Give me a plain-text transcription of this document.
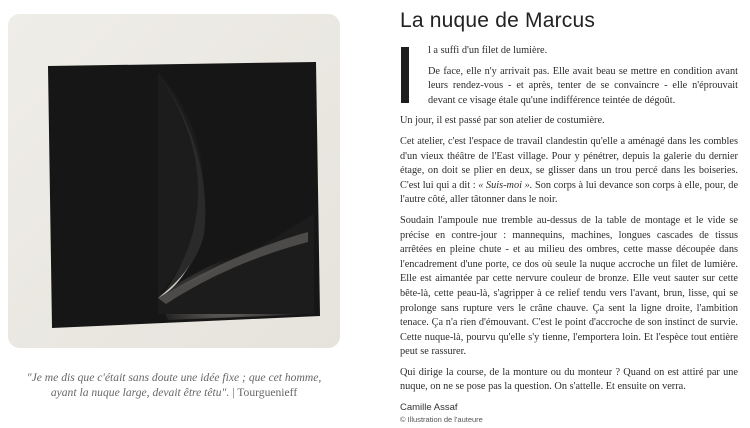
"Je me dis que c'était sans doute une idée fixe ; que cet homme,
ayant la nuque large, devait être têtu". | Tourguenieff
La nuque de Marcus

l a suffi d'un filet de lumière.

De face, elle n'y arrivait pas. Elle avait beau se mettre en condition avant leurs rendez-vous - et après, tenter de se convaincre - elle n'éprouvait devant ce visage étale qu'une indifférence teintée de dégoût.

Un jour, il est passé par son atelier de costumière.

Cet atelier, c'est l'espace de travail clandestin qu'elle a aménagé dans les combles d'un vieux théâtre de l'East village. Pour y pénétrer, depuis la galerie du dernier étage, on doit se plier en deux, se glisser dans un trou percé dans les boiseries. C'est lui qui a dit : « Suis-moi ». Son corps à lui devance son corps à elle, pour, de l'autre côté, aller tâtonner dans le noir.

Soudain l'ampoule nue tremble au-dessus de la table de montage et le vide se précise en contre-jour : mannequins, machines, longues cascades de tissus arrêtées en pleine chute - et au milieu des ombres, cette masse découpée dans l'encadrement d'une porte, ce dos où seule la nuque accroche un filet de lumière. Elle est aimantée par cette nervure couleur de bronze. Elle veut sauter sur cette bête-là, cette peau-là, s'agripper à ce relief tendu vers l'avant, brun, lisse, qui se prolonge sans rupture vers le crâne chauve. Ça sent la ligne droite, l'ambition tenace. Ça n'a rien d'émouvant. C'est le point d'accroche de son instinct de survie. Cette nuque-là, pourvu qu'elle s'y tienne, l'emportera loin. Et l'espèce tout entière peut se rassurer.

Qui dirige la course, de la monture ou du monteur ? Quand on est attiré par une nuque, on ne se pose pas la question. On s'attelle. Et ensuite on verra.

Camille Assaf
© Illustration de l'auteure
